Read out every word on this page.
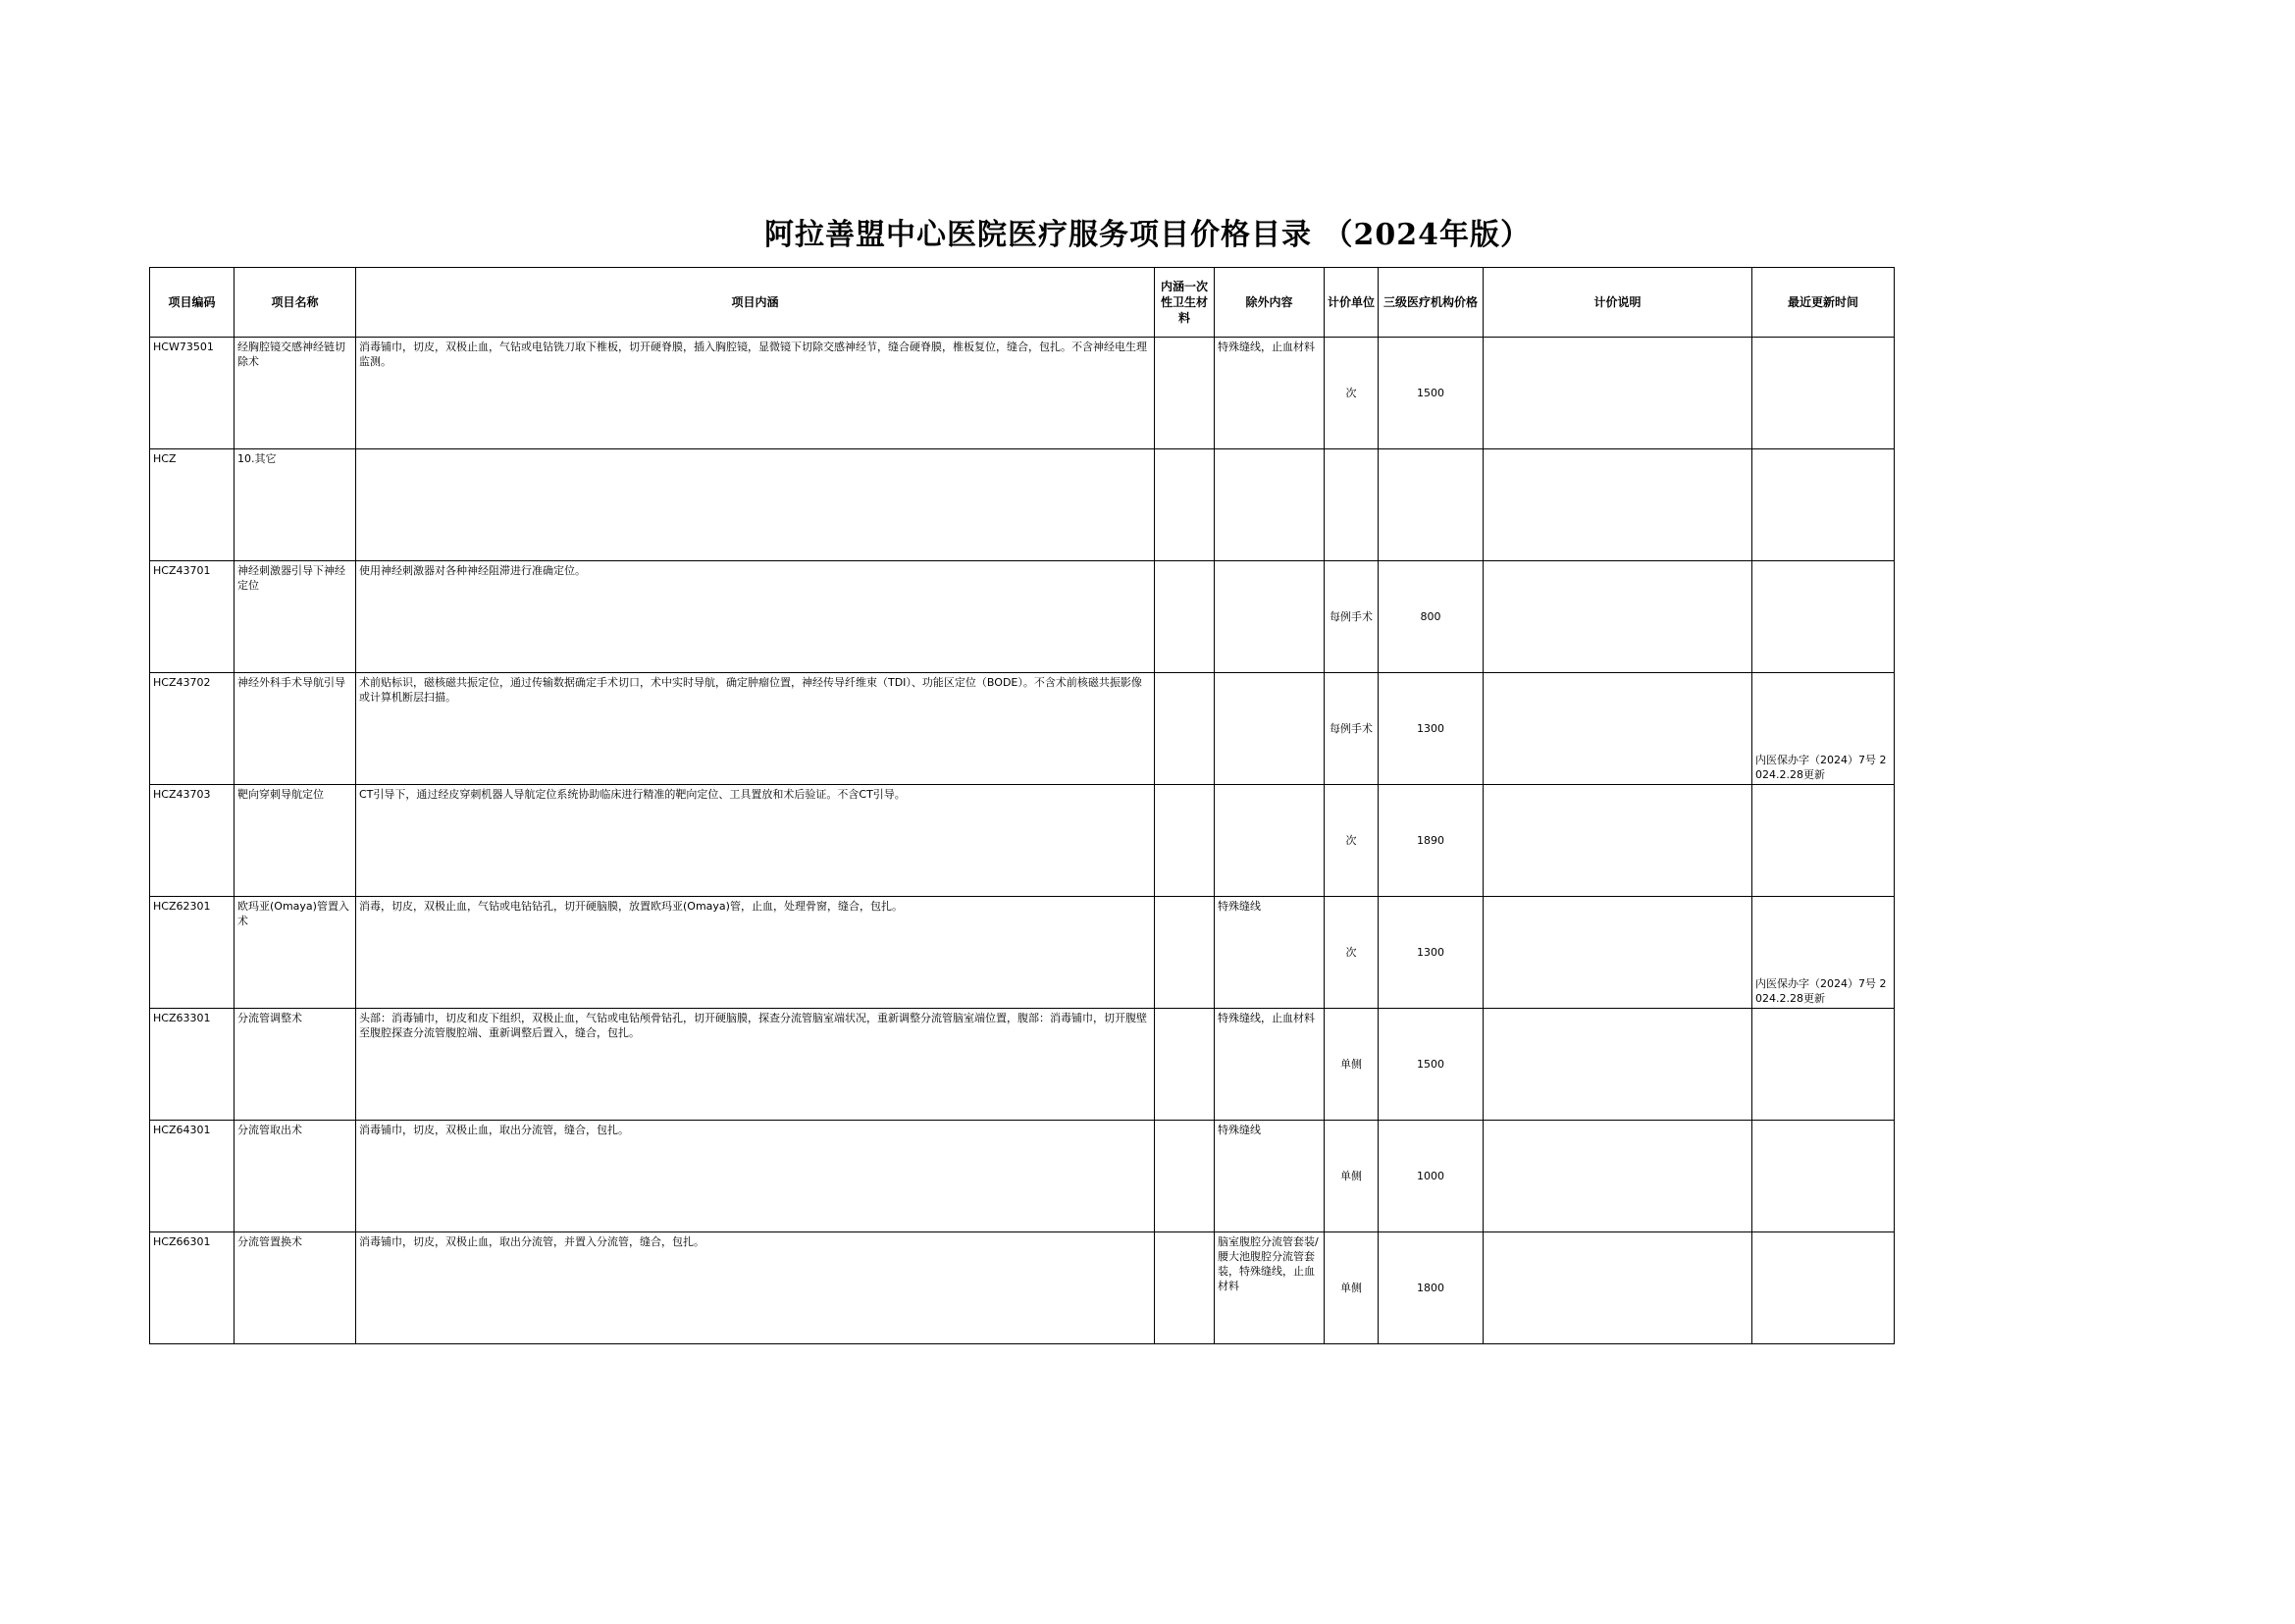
阿拉善盟中心医院医疗服务项目价格目录 （2024年版）
项目编码	项目名称	项目内涵	内涵一次性卫生材料	除外内容	计价单位	三级医疗机构价格	计价说明	最近更新时间
HCW73501	经胸腔镜交感神经链切除术	消毒铺巾，切皮，双极止血，气钻或电钻铣刀取下椎板，切开硬脊膜，插入胸腔镜，显微镜下切除交感神经节，缝合硬脊膜，椎板复位，缝合，包扎。不含神经电生理监测。		特殊缝线，止血材料	次	1500		
HCZ	10.其它							
HCZ43701	神经刺激器引导下神经定位	使用神经刺激器对各种神经阻滞进行准确定位。			每例手术	800		
HCZ43702	神经外科手术导航引导	术前贴标识，磁核磁共振定位，通过传输数据确定手术切口，术中实时导航，确定肿瘤位置，神经传导纤维束（TDI）、功能区定位（BODE）。不含术前核磁共振影像或计算机断层扫描。			每例手术	1300		内医保办字（2024）7号 2024.2.28更新
HCZ43703	靶向穿刺导航定位	CT引导下，通过经皮穿刺机器人导航定位系统协助临床进行精准的靶向定位、工具置放和术后验证。不含CT引导。			次	1890		
HCZ62301	欧玛亚(Omaya)管置入术	消毒，切皮，双极止血，气钻或电钻钻孔，切开硬脑膜，放置欧玛亚(Omaya)管，止血，处理骨窗，缝合，包扎。		特殊缝线	次	1300		内医保办字（2024）7号 2024.2.28更新
HCZ63301	分流管调整术	头部：消毒铺巾，切皮和皮下组织，双极止血，气钻或电钻颅骨钻孔，切开硬脑膜，探查分流管脑室端状况，重新调整分流管脑室端位置，腹部：消毒铺巾，切开腹壁至腹腔探查分流管腹腔端、重新调整后置入，缝合，包扎。		特殊缝线，止血材料	单侧	1500		
HCZ64301	分流管取出术	消毒铺巾，切皮，双极止血，取出分流管，缝合，包扎。		特殊缝线	单侧	1000		
HCZ66301	分流管置换术	消毒铺巾，切皮，双极止血，取出分流管，并置入分流管，缝合，包扎。		脑室腹腔分流管套装/腰大池腹腔分流管套装，特殊缝线，止血材料	单侧	1800		
